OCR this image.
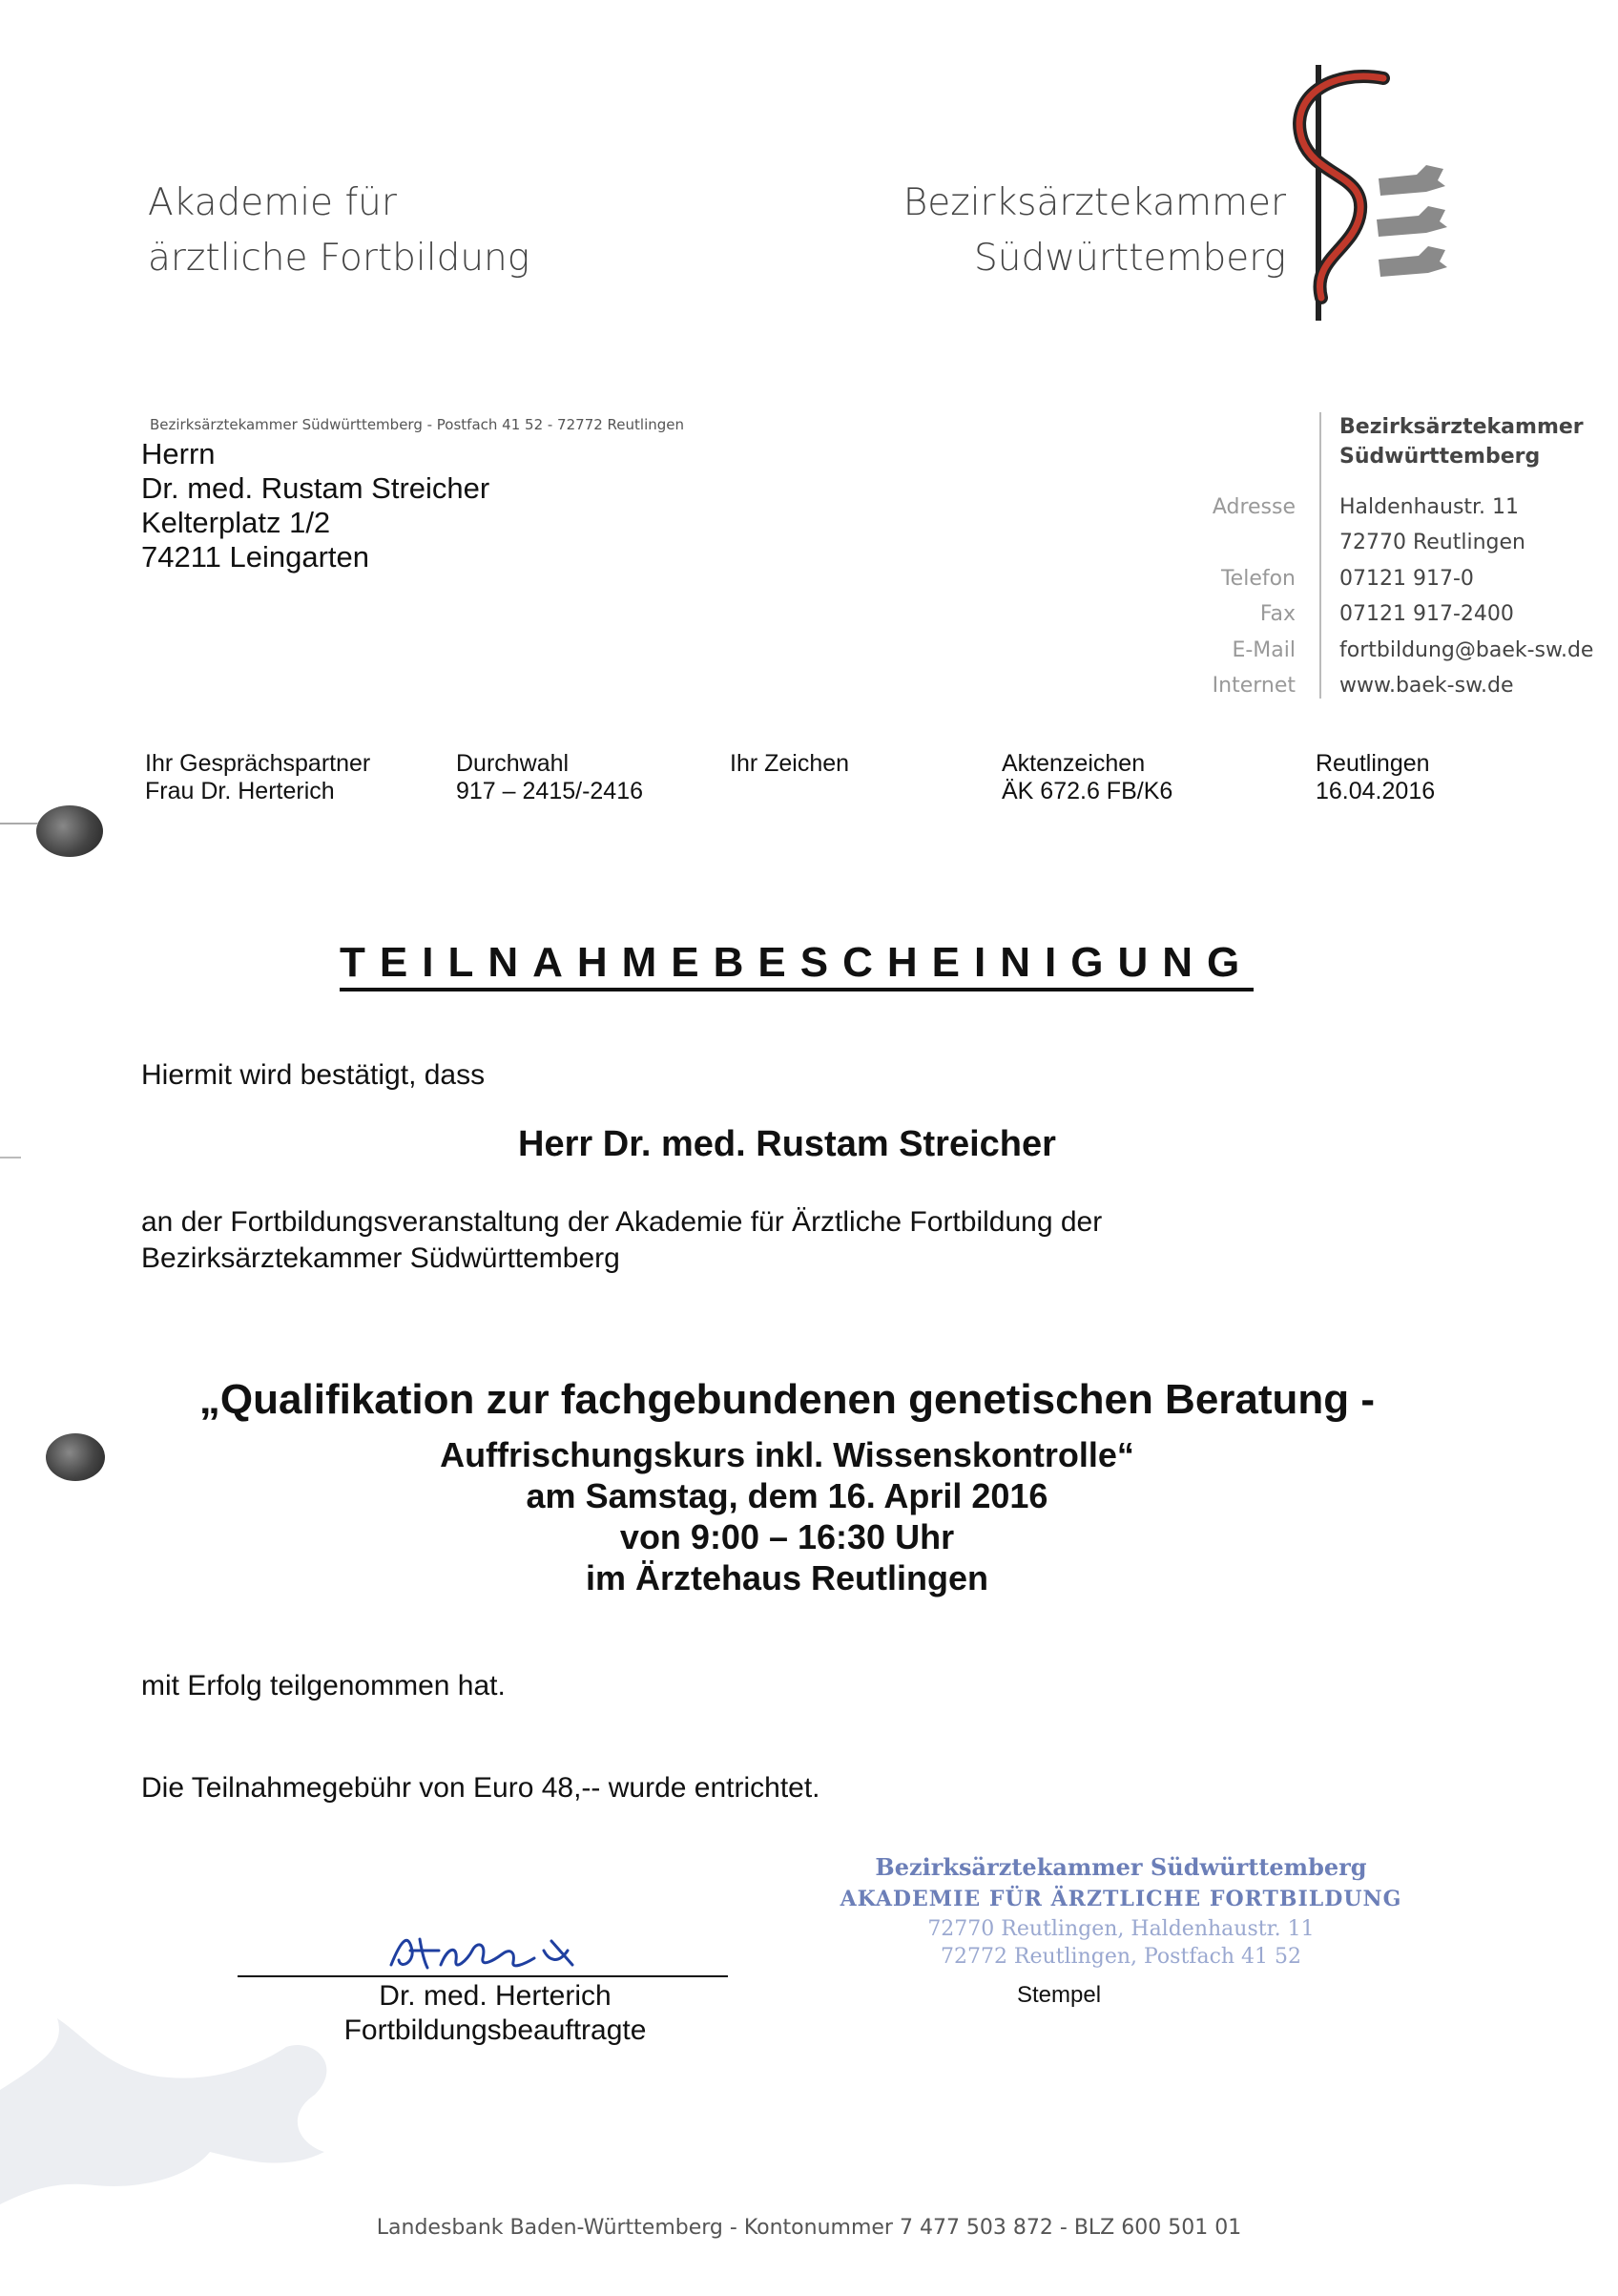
Akademie für
ärztliche Fortbildung
Bezirksärztekammer
Südwürttemberg
Bezirksärztekammer Südwürttemberg - Postfach 41 52 - 72772 Reutlingen
Herrn
Dr. med. Rustam Streicher
Kelterplatz 1/2
74211 Leingarten
Bezirksärztekammer
Südwürttemberg
Adresse Haldenhaustr. 11
72770 Reutlingen
Telefon 07121 917-0
Fax 07121 917-2400
E-Mail fortbildung@baek-sw.de
Internet www.baek-sw.de
Ihr Gesprächspartner
Frau Dr. Herterich
Durchwahl
917 – 2415/-2416
Ihr Zeichen	Aktenzeichen
ÄK 672.6 FB/K6
Reutlingen
16.04.2016
TEILNAHMEBESCHEINIGUNG
Hiermit wird bestätigt, dass
Herr Dr. med. Rustam Streicher
an der Fortbildungsveranstaltung der Akademie für Ärztliche Fortbildung der
Bezirksärztekammer Südwürttemberg
„Qualifikation zur fachgebundenen genetischen Beratung -
Auffrischungskurs inkl. Wissenskontrolle“
am Samstag, dem 16. April 2016
von 9:00 – 16:30 Uhr
im Ärztehaus Reutlingen
mit Erfolg teilgenommen hat.
Die Teilnahmegebühr von Euro 48,-- wurde entrichtet.
Bezirksärztekammer Südwürttemberg
AKADEMIE FÜR ÄRZTLICHE FORTBILDUNG
72770 Reutlingen, Haldenhaustr. 11
72772 Reutlingen, Postfach 41 52
Stempel
Dr. med. Herterich
Fortbildungsbeauftragte
Landesbank Baden-Württemberg - Kontonummer 7 477 503 872 - BLZ 600 501 01
